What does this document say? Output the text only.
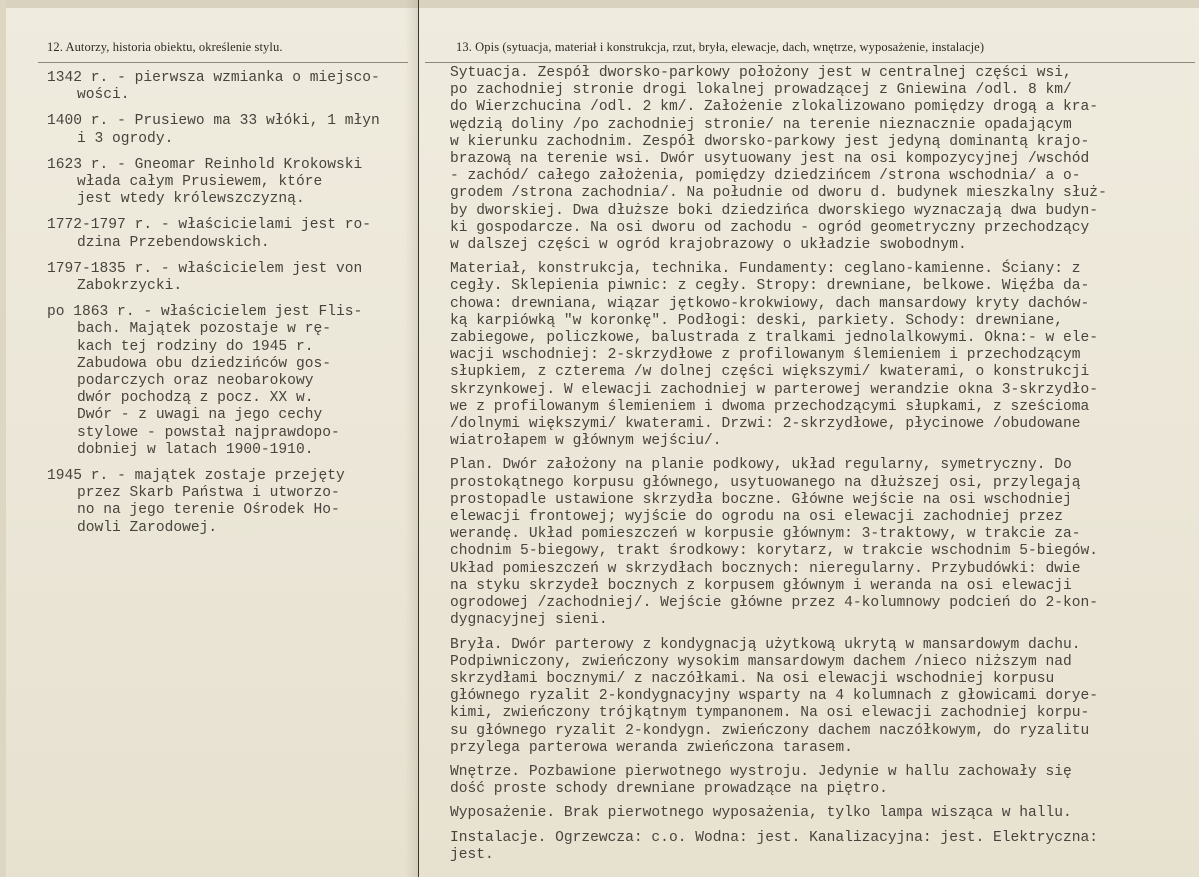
12. Autorzy, historia obiektu, określenie stylu.	13. Opis (sytuacja, materiał i konstrukcja, rzut, bryła, elewacje, dach, wnętrze, wyposażenie, instalacje)
1342 r. - pierwsza wzmianka o miejsco-
wości.
1400 r. - Prusiewo ma 33 włóki, 1 młyn
i 3 ogrody.
1623 r. - Gneomar Reinhold Krokowski
włada całym Prusiewem, które
jest wtedy królewszczyzną.
1772-1797 r. - właścicielami jest ro-
dzina Przebendowskich.
1797-1835 r. - właścicielem jest von
Zabokrzycki.
po 1863 r. - właścicielem jest Flis-
bach. Majątek pozostaje w rę-
kach tej rodziny do 1945 r.
Zabudowa obu dziedzińców gos-
podarczych oraz neobarokowy
dwór pochodzą z pocz. XX w.
Dwór - z uwagi na jego cechy
stylowe - powstał najprawdopo-
dobniej w latach 1900-1910.
1945 r. - majątek zostaje przejęty
przez Skarb Państwa i utworzo-
no na jego terenie Ośrodek Ho-
dowli Zarodowej.
Sytuacja. Zespół dworsko-parkowy położony jest w centralnej części wsi,
po zachodniej stronie drogi lokalnej prowadzącej z Gniewina /odl. 8 km/
do Wierzchucina /odl. 2 km/. Założenie zlokalizowano pomiędzy drogą a kra-
wędzią doliny /po zachodniej stronie/ na terenie nieznacznie opadającym
w kierunku zachodnim. Zespół dworsko-parkowy jest jedyną dominantą krajo-
brazową na terenie wsi. Dwór usytuowany jest na osi kompozycyjnej /wschód
- zachód/ całego założenia, pomiędzy dziedzińcem /strona wschodnia/ a o-
grodem /strona zachodnia/. Na południe od dworu d. budynek mieszkalny służ-
by dworskiej. Dwa dłuższe boki dziedzińca dworskiego wyznaczają dwa budyn-
ki gospodarcze. Na osi dworu od zachodu - ogród geometryczny przechodzący
w dalszej części w ogród krajobrazowy o układzie swobodnym.
Materiał, konstrukcja, technika. Fundamenty: ceglano-kamienne. Ściany: z
cegły. Sklepienia piwnic: z cegły. Stropy: drewniane, belkowe. Więźba da-
chowa: drewniana, wiązar jętkowo-krokwiowy, dach mansardowy kryty dachów-
ką karpiówką "w koronkę". Podłogi: deski, parkiety. Schody: drewniane,
zabiegowe, policzkowe, balustrada z tralkami jednolalkowymi. Okna:- w ele-
wacji wschodniej: 2-skrzydłowe z profilowanym ślemieniem i przechodzącym
słupkiem, z czterema /w dolnej części większymi/ kwaterami, o konstrukcji
skrzynkowej. W elewacji zachodniej w parterowej werandzie okna 3-skrzydło-
we z profilowanym ślemieniem i dwoma przechodzącymi słupkami, z sześcioma
/dolnymi większymi/ kwaterami. Drzwi: 2-skrzydłowe, płycinowe /obudowane
wiatrołapem w głównym wejściu/.
Plan. Dwór założony na planie podkowy, układ regularny, symetryczny. Do
prostokątnego korpusu głównego, usytuowanego na dłuższej osi, przylegają
prostopadle ustawione skrzydła boczne. Główne wejście na osi wschodniej
elewacji frontowej; wyjście do ogrodu na osi elewacji zachodniej przez
werandę. Układ pomieszczeń w korpusie głównym: 3-traktowy, w trakcie za-
chodnim 5-biegowy, trakt środkowy: korytarz, w trakcie wschodnim 5-biegów.
Układ pomieszczeń w skrzydłach bocznych: nieregularny. Przybudówki: dwie
na styku skrzydeł bocznych z korpusem głównym i weranda na osi elewacji
ogrodowej /zachodniej/. Wejście główne przez 4-kolumnowy podcień do 2-kon-
dygnacyjnej sieni.
Bryła. Dwór parterowy z kondygnacją użytkową ukrytą w mansardowym dachu.
Podpiwniczony, zwieńczony wysokim mansardowym dachem /nieco niższym nad
skrzydłami bocznymi/ z naczółkami. Na osi elewacji wschodniej korpusu
głównego ryzalit 2-kondygnacyjny wsparty na 4 kolumnach z głowicami dorye-
kimi, zwieńczony trójkątnym tympanonem. Na osi elewacji zachodniej korpu-
su głównego ryzalit 2-kondygn. zwieńczony dachem naczółkowym, do ryzalitu
przylega parterowa weranda zwieńczona tarasem.
Wnętrze. Pozbawione pierwotnego wystroju. Jedynie w hallu zachowały się
dość proste schody drewniane prowadzące na piętro.
Wyposażenie. Brak pierwotnego wyposażenia, tylko lampa wisząca w hallu.
Instalacje. Ogrzewcza: c.o. Wodna: jest. Kanalizacyjna: jest. Elektryczna:
jest.
